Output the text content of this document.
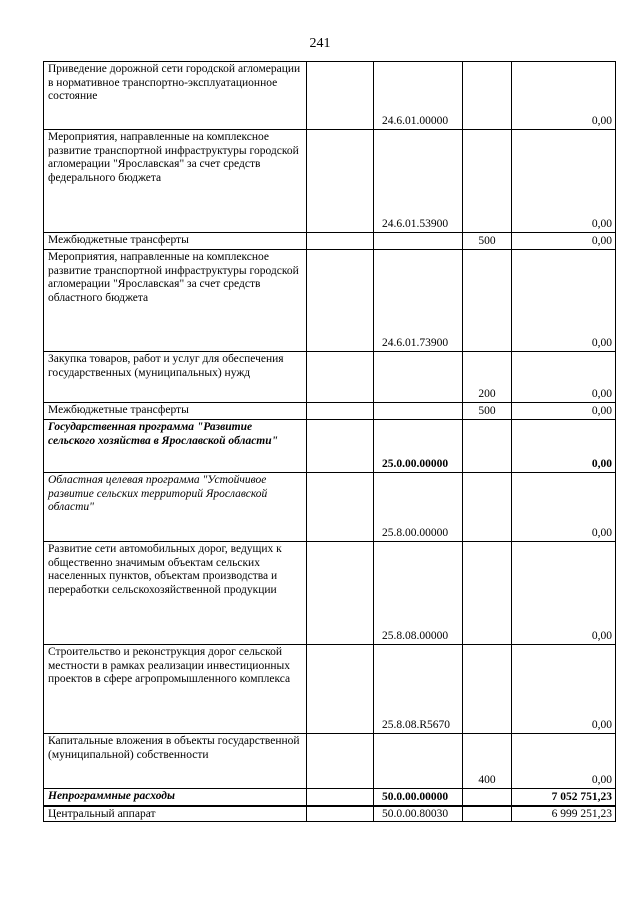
241
Приведение дорожной сети городской агломерации в нормативное транспортно-эксплуатационное состояние		24.6.01.00000		0,00
Мероприятия, направленные на комплексное развитие транспортной инфраструктуры городской агломерации "Ярославская" за счет средств федерального бюджета		24.6.01.53900		0,00
Межбюджетные трансферты			500	0,00
Мероприятия, направленные на комплексное развитие транспортной инфраструктуры городской агломерации "Ярославская" за счет средств областного бюджета		24.6.01.73900		0,00
Закупка товаров, работ и услуг для обеспечения государственных (муниципальных) нужд			200	0,00
Межбюджетные трансферты			500	0,00
Государственная программа "Развитие сельского хозяйства в Ярославской области"		25.0.00.00000		0,00
Областная целевая программа "Устойчивое развитие сельских территорий Ярославской области"		25.8.00.00000		0,00
Развитие сети автомобильных дорог, ведущих к общественно значимым объектам сельских населенных пунктов, объектам производства и переработки сельскохозяйственной продукции		25.8.08.00000		0,00
Строительство и реконструкция дорог сельской местности в рамках реализации инвестиционных проектов в сфере агропромышленного комплекса		25.8.08.R5670		0,00
Капитальные вложения в объекты государственной (муниципальной) собственности			400	0,00
Непрограммные расходы		50.0.00.00000		7 052 751,23
Центральный аппарат		50.0.00.80030		6 999 251,23
